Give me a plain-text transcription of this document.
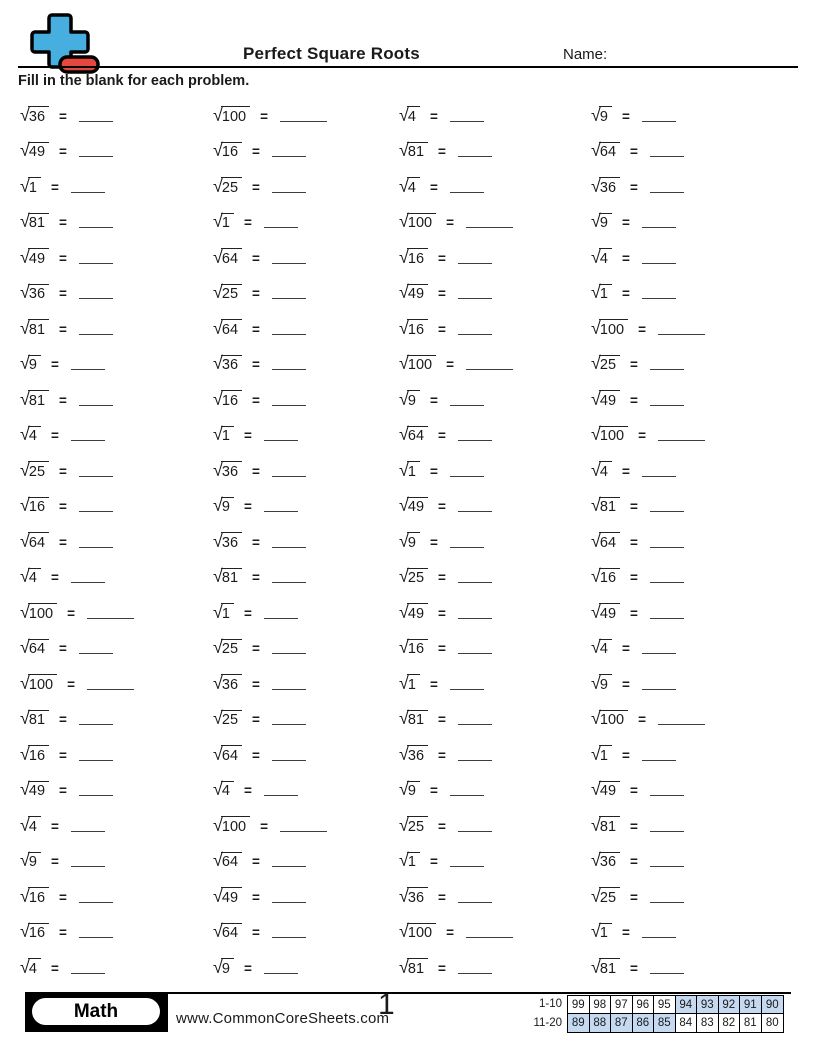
Perfect Square Roots	Name:
Fill in the blank for each problem.
√ 36 =	√ 100 =	√ 4 =	√ 9 =
√ 49 =	√ 16 =	√ 81 =	√ 64 =
√ 1 =	√ 25 =	√ 4 =	√ 36 =
√ 81 =	√ 1 =	√ 100 =	√ 9 =
√ 49 =	√ 64 =	√ 16 =	√ 4 =
√ 36 =	√ 25 =	√ 49 =	√ 1 =
√ 81 =	√ 64 =	√ 16 =	√ 100 =
√ 9 =	√ 36 =	√ 100 =	√ 25 =
√ 81 =	√ 16 =	√ 9 =	√ 49 =
√ 4 =	√ 1 =	√ 64 =	√ 100 =
√ 25 =	√ 36 =	√ 1 =	√ 4 =
√ 16 =	√ 9 =	√ 49 =	√ 81 =
√ 64 =	√ 36 =	√ 9 =	√ 64 =
√ 4 =	√ 81 =	√ 25 =	√ 16 =
√ 100 =	√ 1 =	√ 49 =	√ 49 =
√ 64 =	√ 25 =	√ 16 =	√ 4 =
√ 100 =	√ 36 =	√ 1 =	√ 9 =
√ 81 =	√ 25 =	√ 81 =	√ 100 =
√ 16 =	√ 64 =	√ 36 =	√ 1 =
√ 49 =	√ 4 =	√ 9 =	√ 49 =
√ 4 =	√ 100 =	√ 25 =	√ 81 =
√ 9 =	√ 64 =	√ 1 =	√ 36 =
√ 16 =	√ 49 =	√ 36 =	√ 25 =
√ 16 =	√ 64 =	√ 100 =	√ 1 =
√ 4 =	√ 9 =	√ 81 =	√ 81 =
Math	www.CommonCoreSheets.com
1	1-10
11-20
99 98 97 96 95 94 93 92 91 90
89 88 87 86 85 84 83 82 81 80
